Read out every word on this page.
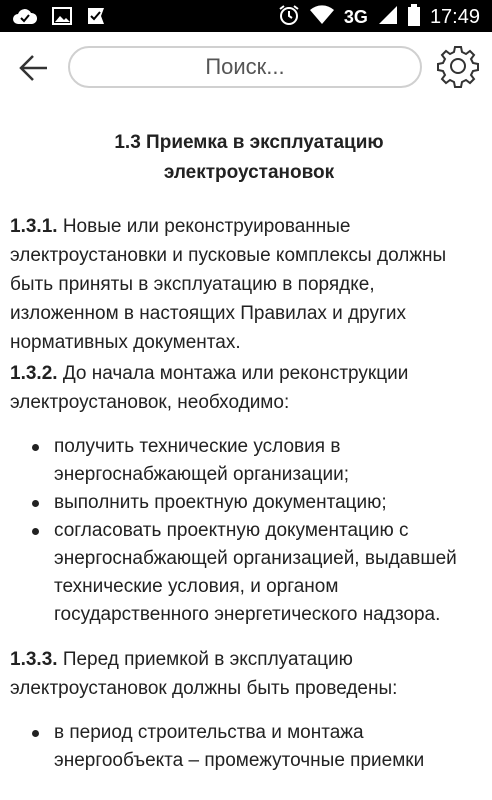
3G	17:49
Поиск...
1.3 Приемка в эксплуатацию электроустановок

1.3.1. Новые или реконструированные электроустановки и пусковые комплексы должны быть приняты в эксплуатацию в порядке, изложенном в настоящих Правилах и других нормативных документах.

1.3.2. До начала монтажа или реконструкции электроустановок, необходимо:

получить технические условия в энергоснабжающей организации;
выполнить проектную документацию;
согласовать проектную документацию с энергоснабжающей организацией, выдавшей технические условия, и органом государственного энергетического надзора.

1.3.3. Перед приемкой в эксплуатацию электроустановок должны быть проведены:

в период строительства и монтажа энергообъекта – промежуточные приемки
